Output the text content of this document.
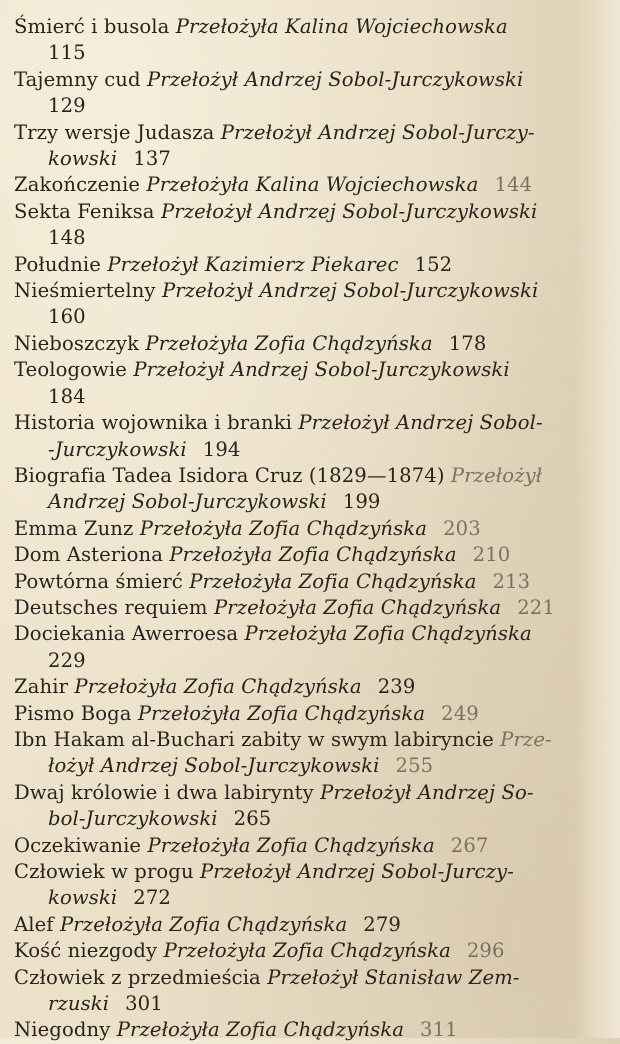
Śmierć i busola Przełożyła Kalina Wojciechowska
115
Tajemny cud Przełożył Andrzej Sobol-Jurczykowski
129
Trzy wersje Judasza Przełożył Andrzej Sobol-Jurczy-
kowski 137
Zakończenie Przełożyła Kalina Wojciechowska 144
Sekta Feniksa Przełożył Andrzej Sobol-Jurczykowski
148
Południe Przełożył Kazimierz Piekarec 152
Nieśmiertelny Przełożył Andrzej Sobol-Jurczykowski
160
Nieboszczyk Przełożyła Zofia Chądzyńska 178
Teologowie Przełożył Andrzej Sobol-Jurczykowski
184
Historia wojownika i branki Przełożył Andrzej Sobol-
-Jurczykowski 194
Biografia Tadea Isidora Cruz (1829—1874) Przełożył
Andrzej Sobol-Jurczykowski 199
Emma Zunz Przełożyła Zofia Chądzyńska 203
Dom Asteriona Przełożyła Zofia Chądzyńska 210
Powtórna śmierć Przełożyła Zofia Chądzyńska 213
Deutsches requiem Przełożyła Zofia Chądzyńska 221
Dociekania Awerroesa Przełożyła Zofia Chądzyńska
229
Zahir Przełożyła Zofia Chądzyńska 239
Pismo Boga Przełożyła Zofia Chądzyńska 249
Ibn Hakam al-Buchari zabity w swym labiryncie Prze-
łożył Andrzej Sobol-Jurczykowski 255
Dwaj królowie i dwa labirynty Przełożył Andrzej So-
bol-Jurczykowski 265
Oczekiwanie Przełożyła Zofia Chądzyńska 267
Człowiek w progu Przełożył Andrzej Sobol-Jurczy-
kowski 272
Alef Przełożyła Zofia Chądzyńska 279
Kość niezgody Przełożyła Zofia Chądzyńska 296
Człowiek z przedmieścia Przełożył Stanisław Zem-
rzuski 301
Niegodny Przełożyła Zofia Chądzyńska 311
